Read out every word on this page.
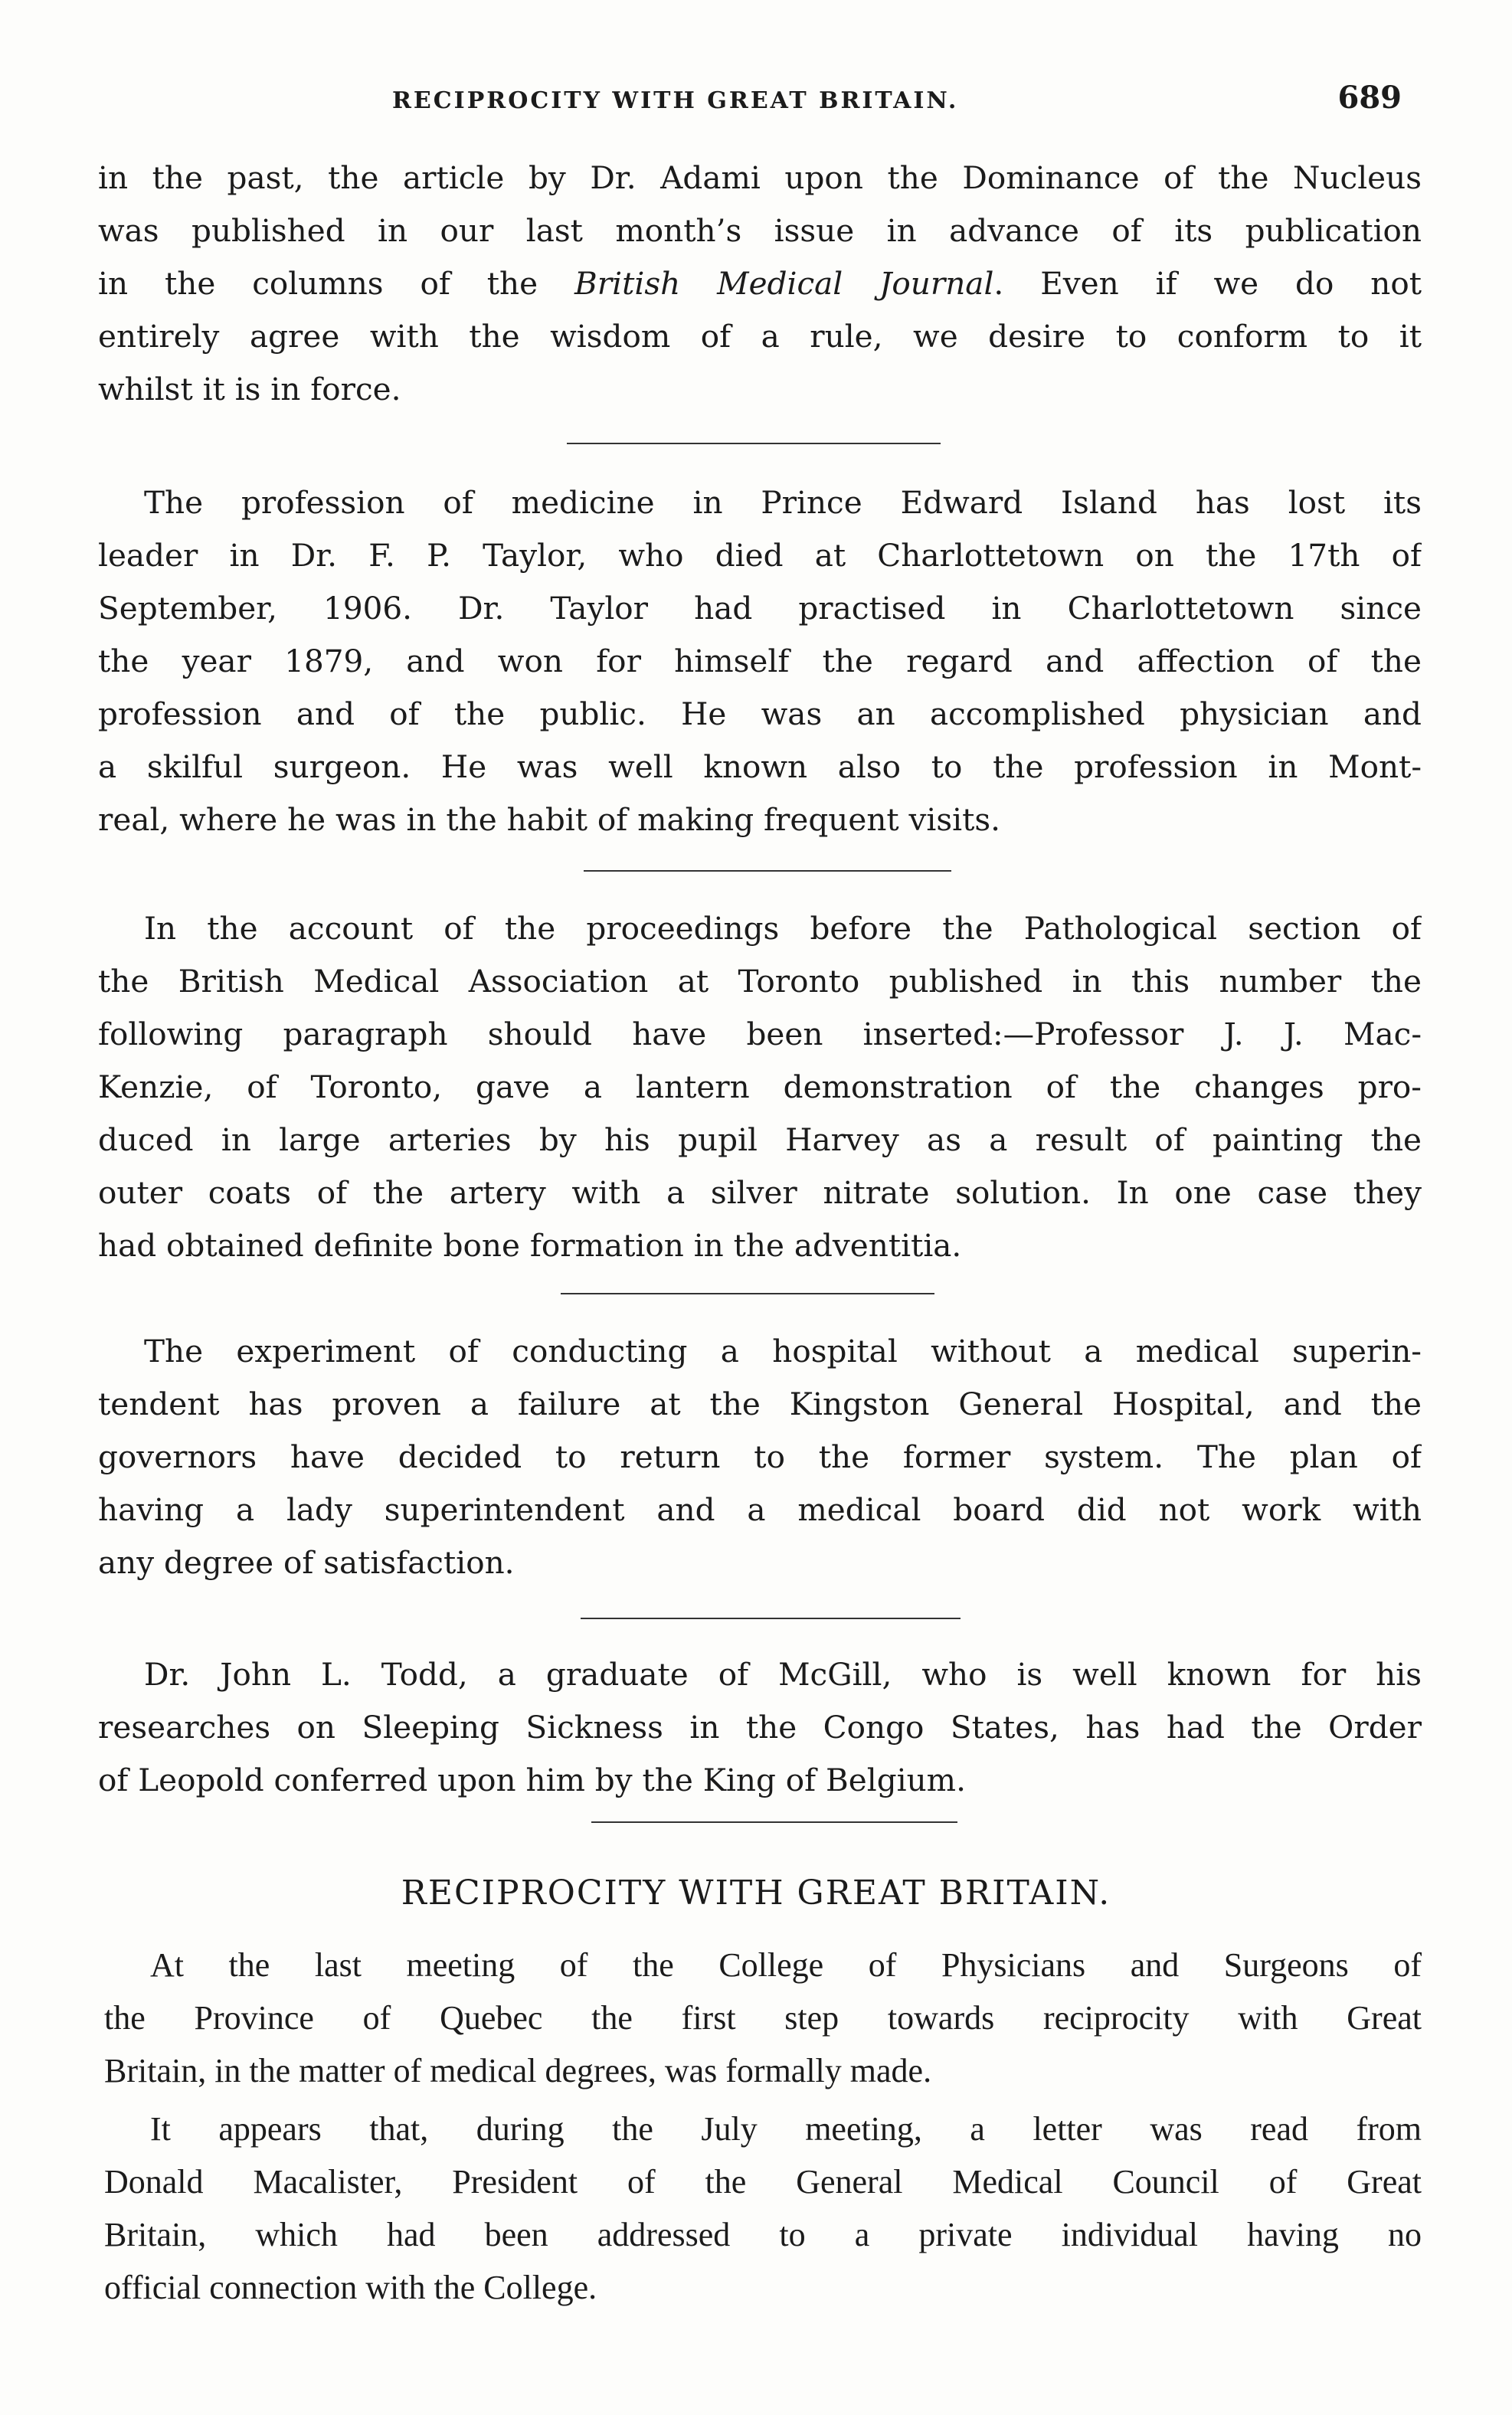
RECIPROCITY WITH GREAT BRITAIN.	689
in the past, the article by Dr. Adami upon the Dominance of the Nucleus
was published in our last month’s issue in advance of its publication
in the columns of the British Medical Journal. Even if we do not
entirely agree with the wisdom of a rule, we desire to conform to it
whilst it is in force.
The profession of medicine in Prince Edward Island has lost its
leader in Dr. F. P. Taylor, who died at Charlottetown on the 17th of
September, 1906. Dr. Taylor had practised in Charlottetown since
the year 1879, and won for himself the regard and affection of the
profession and of the public. He was an accomplished physician and
a skilful surgeon. He was well known also to the profession in Mont-
real, where he was in the habit of making frequent visits.
In the account of the proceedings before the Pathological section of
the British Medical Association at Toronto published in this number the
following paragraph should have been inserted:—Professor J. J. Mac-
Kenzie, of Toronto, gave a lantern demonstration of the changes pro-
duced in large arteries by his pupil Harvey as a result of painting the
outer coats of the artery with a silver nitrate solution. In one case they
had obtained definite bone formation in the adventitia.
The experiment of conducting a hospital without a medical superin-
tendent has proven a failure at the Kingston General Hospital, and the
governors have decided to return to the former system. The plan of
having a lady superintendent and a medical board did not work with
any degree of satisfaction.
Dr. John L. Todd, a graduate of McGill, who is well known for his
researches on Sleeping Sickness in the Congo States, has had the Order
of Leopold conferred upon him by the King of Belgium.
RECIPROCITY WITH GREAT BRITAIN.
At the last meeting of the College of Physicians and Surgeons of
the Province of Quebec the first step towards reciprocity with Great
Britain, in the matter of medical degrees, was formally made.
It appears that, during the July meeting, a letter was read from
Donald Macalister, President of the General Medical Council of Great
Britain, which had been addressed to a private individual having no
official connection with the College.
